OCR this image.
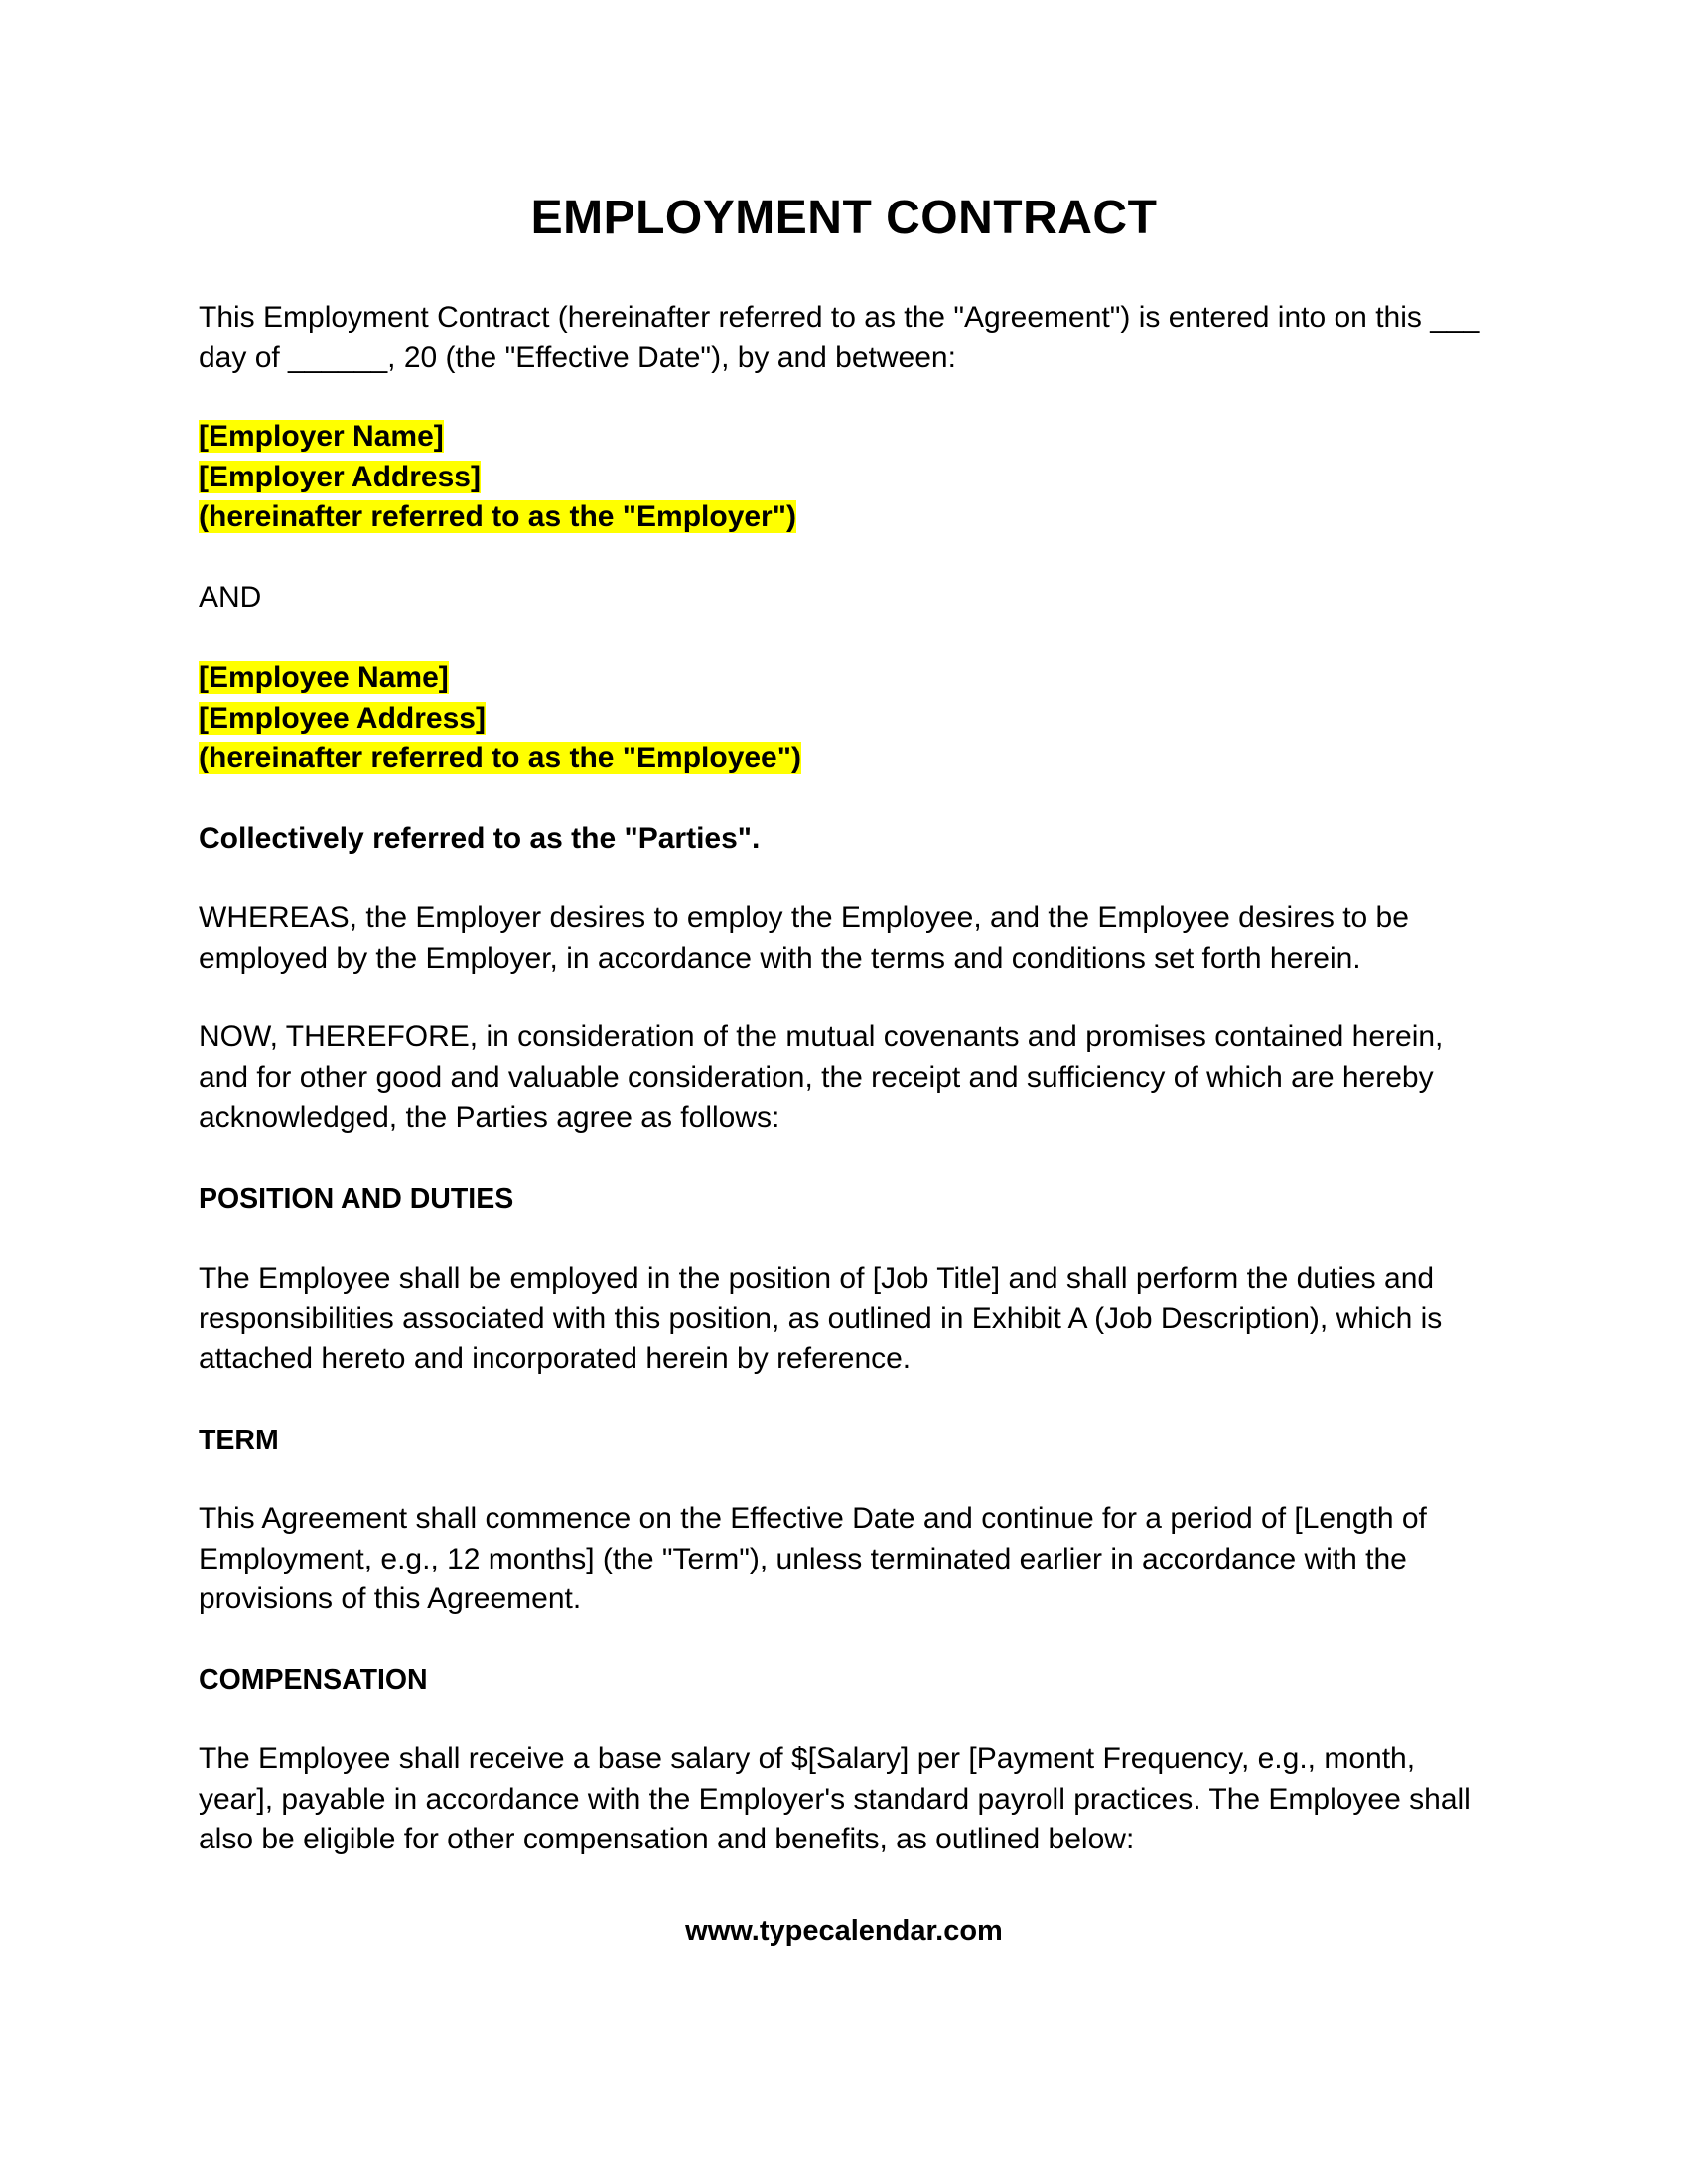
EMPLOYMENT CONTRACT

This Employment Contract (hereinafter referred to as the "Agreement") is entered into on this ___ day of ______, 20 (the "Effective Date"), by and between:

[Employer Name]
[Employer Address]
(hereinafter referred to as the "Employer")

AND

[Employee Name]
[Employee Address]
(hereinafter referred to as the "Employee")

Collectively referred to as the "Parties".

WHEREAS, the Employer desires to employ the Employee, and the Employee desires to be employed by the Employer, in accordance with the terms and conditions set forth herein.

NOW, THEREFORE, in consideration of the mutual covenants and promises contained herein, and for other good and valuable consideration, the receipt and sufficiency of which are hereby acknowledged, the Parties agree as follows:

POSITION AND DUTIES

The Employee shall be employed in the position of [Job Title] and shall perform the duties and responsibilities associated with this position, as outlined in Exhibit A (Job Description), which is attached hereto and incorporated herein by reference.

TERM

This Agreement shall commence on the Effective Date and continue for a period of [Length of Employment, e.g., 12 months] (the "Term"), unless terminated earlier in accordance with the provisions of this Agreement.

COMPENSATION

The Employee shall receive a base salary of $[Salary] per [Payment Frequency, e.g., month, year], payable in accordance with the Employer's standard payroll practices. The Employee shall also be eligible for other compensation and benefits, as outlined below:

www.typecalendar.com
